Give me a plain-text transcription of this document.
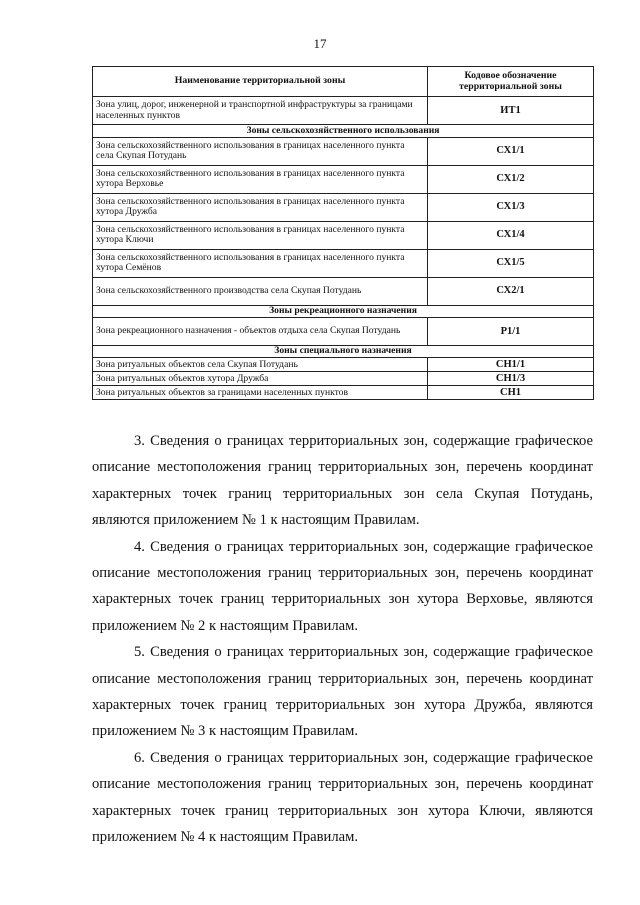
17
Наименование территориальной зоны	Кодовое обозначение территориальной зоны
Зона улиц, дорог, инженерной и транспортной инфраструктуры за границами населенных пунктов	ИТ1
Зоны сельскохозяйственного использования	
Зона сельскохозяйственного использования в границах населенного пункта села Скупая Потудань	СХ1/1
Зона сельскохозяйственного использования в границах населенного пункта хутора Верховье	СХ1/2
Зона сельскохозяйственного использования в границах населенного пункта хутора Дружба	СХ1/3
Зона сельскохозяйственного использования в границах населенного пункта хутора Ключи	СХ1/4
Зона сельскохозяйственного использования в границах населенного пункта хутора Семёнов	СХ1/5
Зона сельскохозяйственного производства села Скупая Потудань	СХ2/1
Зоны рекреационного назначения	
Зона рекреационного назначения - объектов отдыха села Скупая Потудань	Р1/1
Зоны специального назначения	
Зона ритуальных объектов села Скупая Потудань	СН1/1
Зона ритуальных объектов хутора Дружба	СН1/3
Зона ритуальных объектов за границами населенных пунктов	СН1

3. Сведения о границах территориальных зон, содержащие графическое описание местоположения границ территориальных зон, перечень координат характерных точек границ территориальных зон села Скупая Потудань, являются приложением № 1 к настоящим Правилам.

4. Сведения о границах территориальных зон, содержащие графическое описание местоположения границ территориальных зон, перечень координат характерных точек границ территориальных зон хутора Верховье, являются приложением № 2 к настоящим Правилам.

5. Сведения о границах территориальных зон, содержащие графическое описание местоположения границ территориальных зон, перечень координат характерных точек границ территориальных зон хутора Дружба, являются приложением № 3 к настоящим Правилам.

6. Сведения о границах территориальных зон, содержащие графическое описание местоположения границ территориальных зон, перечень координат характерных точек границ территориальных зон хутора Ключи, являются приложением № 4 к настоящим Правилам.
